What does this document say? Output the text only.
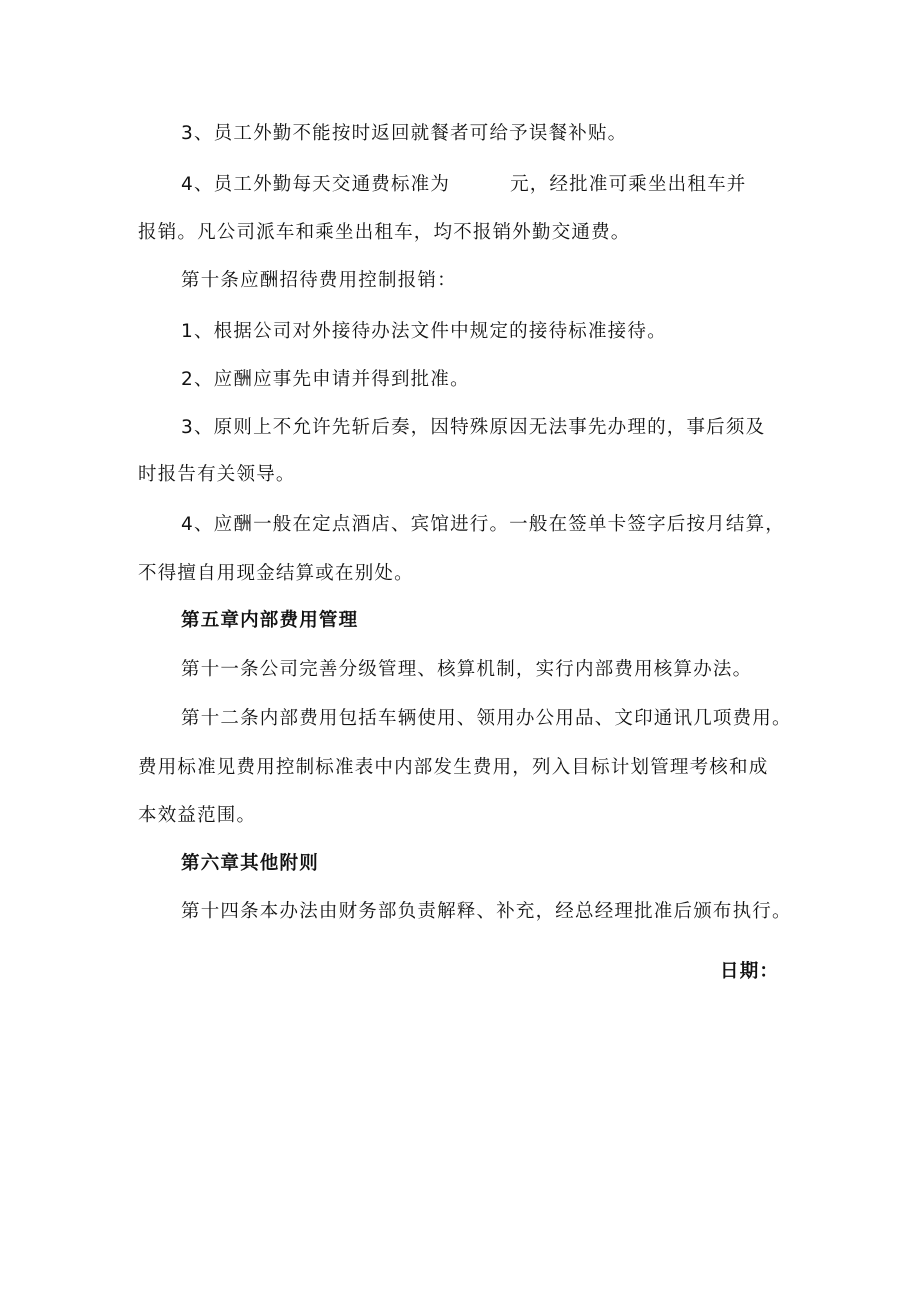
3、员工外勤不能按时返回就餐者可给予误餐补贴。
4、员工外勤每天交通费标准为	元，经批准可乘坐出租车并
报销。凡公司派车和乘坐出租车，均不报销外勤交通费。
第十条应酬招待费用控制报销：
1、根据公司对外接待办法文件中规定的接待标准接待。
2、应酬应事先申请并得到批准。
3、原则上不允许先斩后奏，因特殊原因无法事先办理的，事后须及
时报告有关领导。
4、应酬一般在定点酒店、宾馆进行。一般在签单卡签字后按月结算，
不得擅自用现金结算或在别处。
第五章内部费用管理
第十一条公司完善分级管理、核算机制，实行内部费用核算办法。
第十二条内部费用包括车辆使用、领用办公用品、文印通讯几项费用。
费用标准见费用控制标准表中内部发生费用，列入目标计划管理考核和成
本效益范围。
第六章其他附则
第十四条本办法由财务部负责解释、补充，经总经理批准后颁布执行。
日期：
